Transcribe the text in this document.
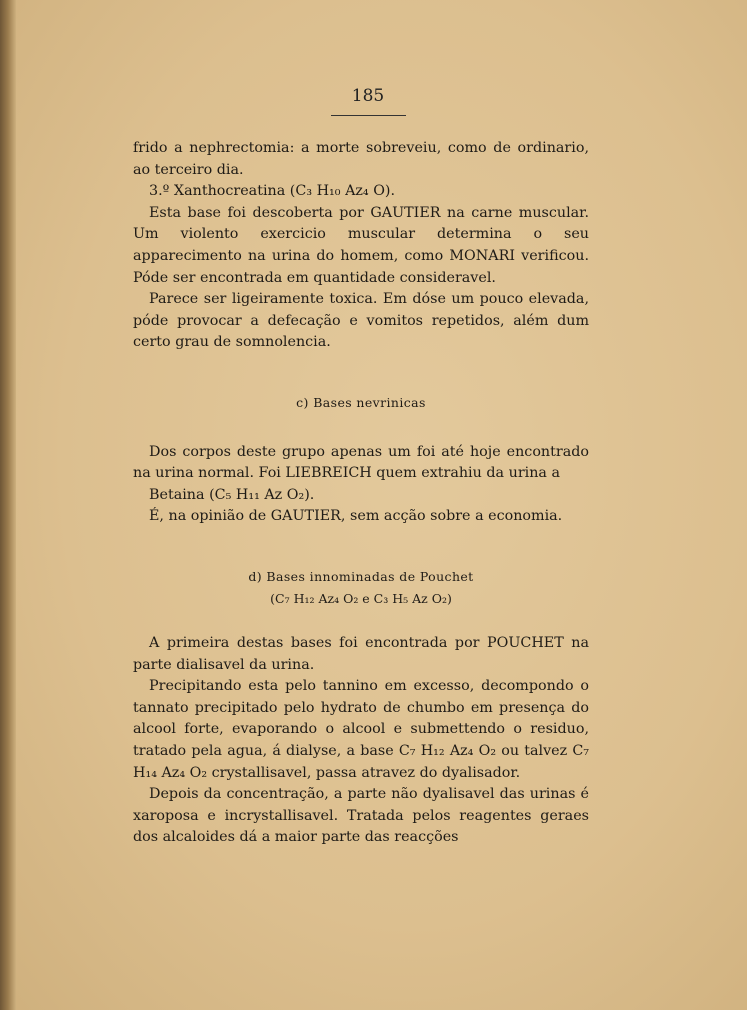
185

frido a nephrectomia: a morte sobreveiu, como de ordinario, ao terceiro dia.

3.º Xanthocreatina (C₃ H₁₀ Az₄ O).

Esta base foi descoberta por GAUTIER na carne muscular. Um violento exercicio muscular determina o seu apparecimento na urina do homem, como MONARI verificou. Póde ser encontrada em quantidade consideravel.

Parece ser ligeiramente toxica. Em dóse um pouco elevada, póde provocar a defecação e vomitos repetidos, além dum certo grau de somnolencia.

c) Bases nevrinicas

Dos corpos deste grupo apenas um foi até hoje encontrado na urina normal. Foi LIEBREICH quem extrahiu da urina a

Betaina (C₅ H₁₁ Az O₂).

É, na opinião de GAUTIER, sem acção sobre a economia.

d) Bases innominadas de Pouchet

(C₇ H₁₂ Az₄ O₂ e C₃ H₅ Az O₂)

A primeira destas bases foi encontrada por POUCHET na parte dialisavel da urina.

Precipitando esta pelo tannino em excesso, decompondo o tannato precipitado pelo hydrato de chumbo em presença do alcool forte, evaporando o alcool e submettendo o residuo, tratado pela agua, á dialyse, a base C₇ H₁₂ Az₄ O₂ ou talvez C₇ H₁₄ Az₄ O₂ crystallisavel, passa atravez do dyalisador.

Depois da concentração, a parte não dyalisavel das urinas é xaroposa e incrystallisavel. Tratada pelos reagentes geraes dos alcaloides dá a maior parte das reacções
